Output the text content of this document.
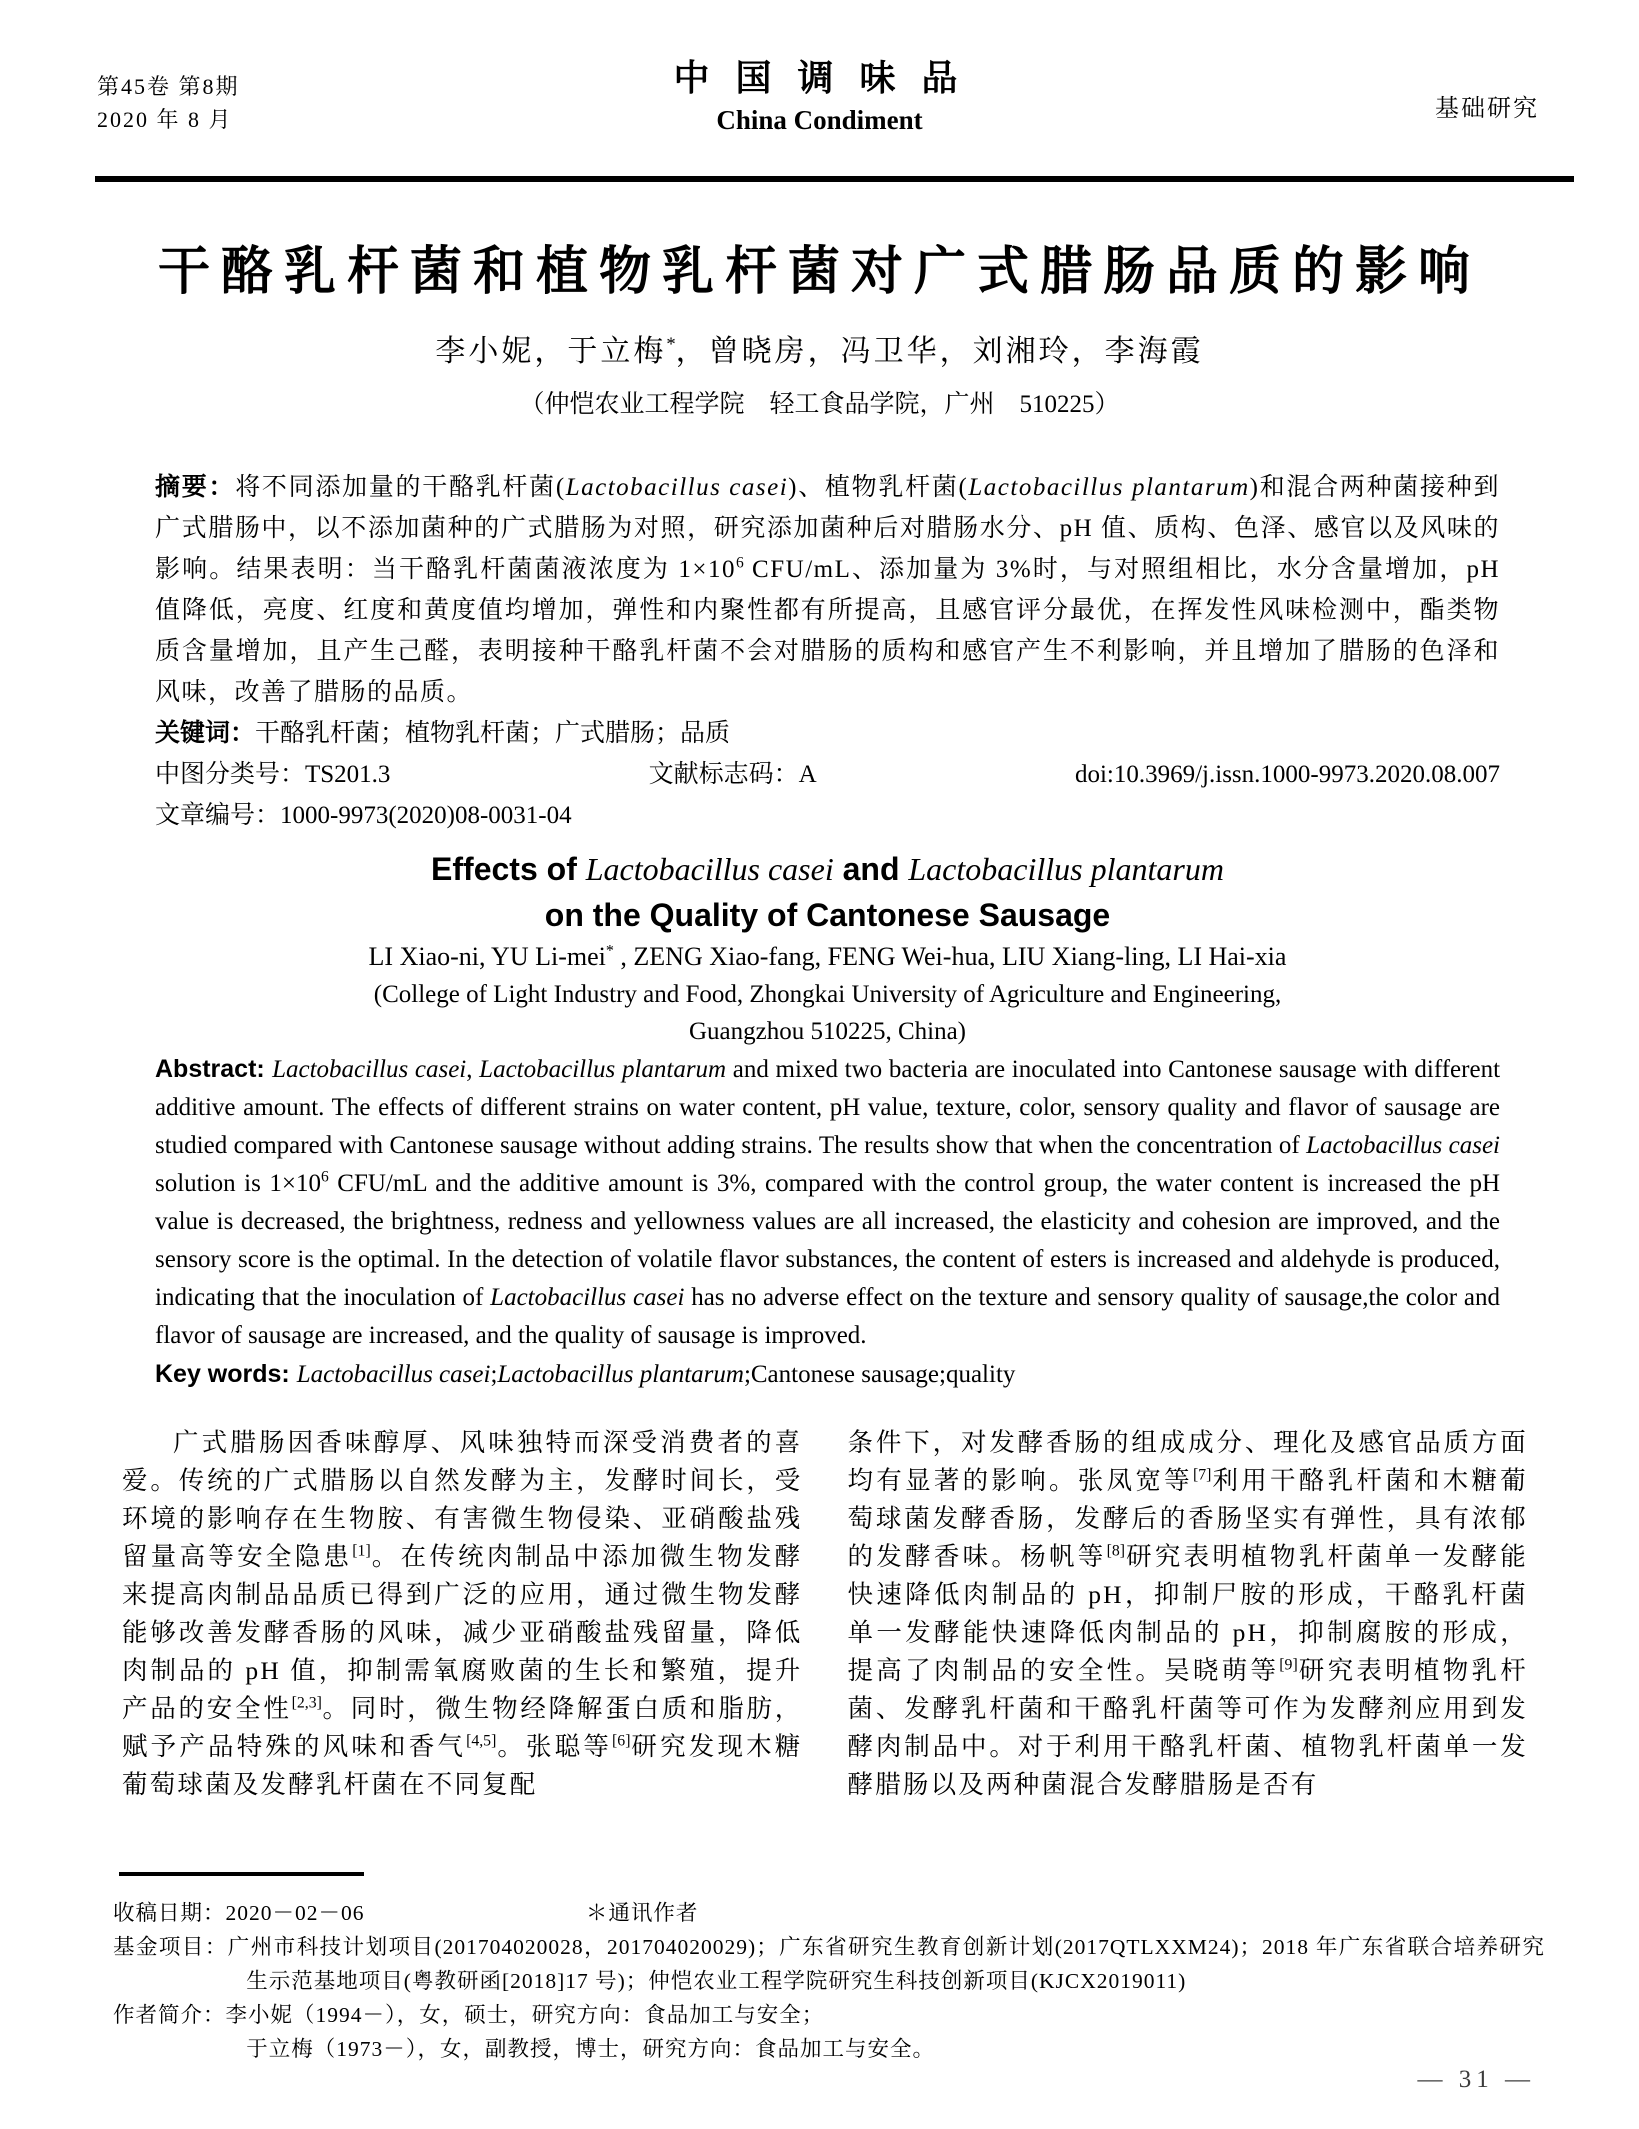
第45卷 第8期
2020 年 8 月
中 国 调 味 品
China Condiment	基础研究
干酪乳杆菌和植物乳杆菌对广式腊肠品质的影响
李小妮，于立梅*，曾晓房，冯卫华，刘湘玲，李海霞
（仲恺农业工程学院　轻工食品学院，广州　510225）

摘要：将不同添加量的干酪乳杆菌(Lactobacillus casei)、植物乳杆菌(Lactobacillus plantarum)和混合两种菌接种到广式腊肠中，以不添加菌种的广式腊肠为对照，研究添加菌种后对腊肠水分、pH 值、质构、色泽、感官以及风味的影响。结果表明：当干酪乳杆菌菌液浓度为 $1\times 10^6$ CFU/mL、添加量为 3%时，与对照组相比，水分含量增加，pH 值降低，亮度、红度和黄度值均增加，弹性和内聚性都有所提高，且感官评分最优，在挥发性风味检测中，酯类物质含量增加，且产生己醛，表明接种干酪乳杆菌不会对腊肠的质构和感官产生不利影响，并且增加了腊肠的色泽和风味，改善了腊肠的品质。

关键词：干酪乳杆菌；植物乳杆菌；广式腊肠；品质

中图分类号：TS201.3	文献标志码：A	doi:10.3969/j.issn.1000-9973.2020.08.007

文章编号：1000-9973(2020)08-0031-04

Effects of Lactobacillus casei and Lactobacillus plantarum
on the Quality of Cantonese Sausage
LI Xiao-ni, YU Li-mei* , ZENG Xiao-fang, FENG Wei-hua, LIU Xiang-ling, LI Hai-xia
(College of Light Industry and Food, Zhongkai University of Agriculture and Engineering,
Guangzhou 510225, China)

Abstract: Lactobacillus casei, Lactobacillus plantarum and mixed two bacteria are inoculated into Cantonese sausage with different additive amount. The effects of different strains on water content, pH value, texture, color, sensory quality and flavor of sausage are studied compared with Cantonese sausage without adding strains. The results show that when the concentration of Lactobacillus casei solution is $1\times 10^6$ CFU/mL and the additive amount is 3%, compared with the control group, the water content is increased the pH value is decreased, the brightness, redness and yellowness values are all increased, the elasticity and cohesion are improved, and the sensory score is the optimal. In the detection of volatile flavor substances, the content of esters is increased and aldehyde is produced, indicating that the inoculation of Lactobacillus casei has no adverse effect on the texture and sensory quality of sausage,the color and flavor of sausage are increased, and the quality of sausage is improved.

Key words: Lactobacillus casei;Lactobacillus plantarum;Cantonese sausage;quality

广式腊肠因香味醇厚、风味独特而深受消费者的喜爱。传统的广式腊肠以自然发酵为主，发酵时间长，受环境的影响存在生物胺、有害微生物侵染、亚硝酸盐残留量高等安全隐患[1]。在传统肉制品中添加微生物发酵来提高肉制品品质已得到广泛的应用，通过微生物发酵能够改善发酵香肠的风味，减少亚硝酸盐残留量，降低肉制品的 pH 值，抑制需氧腐败菌的生长和繁殖，提升产品的安全性[2,3]。同时，微生物经降解蛋白质和脂肪，赋予产品特殊的风味和香气[4,5]。张聪等[6]研究发现木糖葡萄球菌及发酵乳杆菌在不同复配

条件下，对发酵香肠的组成成分、理化及感官品质方面均有显著的影响。张凤宽等[7]利用干酪乳杆菌和木糖葡萄球菌发酵香肠，发酵后的香肠坚实有弹性，具有浓郁的发酵香味。杨帆等[8]研究表明植物乳杆菌单一发酵能快速降低肉制品的 pH，抑制尸胺的形成，干酪乳杆菌单一发酵能快速降低肉制品的 pH，抑制腐胺的形成，提高了肉制品的安全性。吴晓萌等[9]研究表明植物乳杆菌、发酵乳杆菌和干酪乳杆菌等可作为发酵剂应用到发酵肉制品中。对于利用干酪乳杆菌、植物乳杆菌单一发酵腊肠以及两种菌混合发酵腊肠是否有

收稿日期：2020－02－06	＊通讯作者
基金项目：广州市科技计划项目(201704020028，201704020029)；广东省研究生教育创新计划(2017QTLXXM24)；2018 年广东省联合培养研究生示范基地项目(粤教研函[2018]17 号)；仲恺农业工程学院研究生科技创新项目(KJCX2019011)
作者简介：李小妮（1994－），女，硕士，研究方向：食品加工与安全；
于立梅（1973－），女，副教授，博士，研究方向：食品加工与安全。
— 31 —
